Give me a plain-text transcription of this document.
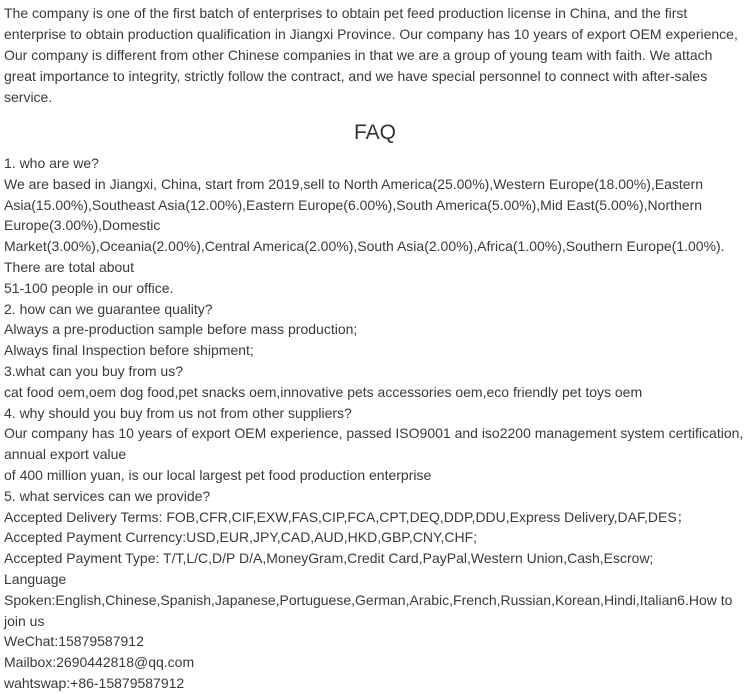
The company is one of the first batch of enterprises to obtain pet feed production license in China, and the first enterprise to obtain production qualification in Jiangxi Province. Our company has 10 years of export OEM experience, Our company is different from other Chinese companies in that we are a group of young team with faith. We attach great importance to integrity, strictly follow the contract, and we have special personnel to connect with after-sales service.

FAQ

1. who are we?

We are based in Jiangxi, China, start from 2019,sell to North America(25.00%),Western Europe(18.00%),Eastern Asia(15.00%),Southeast Asia(12.00%),Eastern Europe(6.00%),South America(5.00%),Mid East(5.00%),Northern Europe(3.00%),Domestic

Market(3.00%),Oceania(2.00%),Central America(2.00%),South Asia(2.00%),Africa(1.00%),Southern Europe(1.00%). There are total about

51-100 people in our office.

2. how can we guarantee quality?

Always a pre-production sample before mass production;

Always final Inspection before shipment;

3.what can you buy from us?

cat food oem,oem dog food,pet snacks oem,innovative pets accessories oem,eco friendly pet toys oem

4. why should you buy from us not from other suppliers?

Our company has 10 years of export OEM experience, passed ISO9001 and iso2200 management system certification, annual export value

of 400 million yuan, is our local largest pet food production enterprise

5. what services can we provide?

Accepted Delivery Terms: FOB,CFR,CIF,EXW,FAS,CIP,FCA,CPT,DEQ,DDP,DDU,Express Delivery,DAF,DES；

Accepted Payment Currency:USD,EUR,JPY,CAD,AUD,HKD,GBP,CNY,CHF;

Accepted Payment Type: T/T,L/C,D/P D/A,MoneyGram,Credit Card,PayPal,Western Union,Cash,Escrow;

Language Spoken:English,Chinese,Spanish,Japanese,Portuguese,German,Arabic,French,Russian,Korean,Hindi,Italian6.How to join us

WeChat:15879587912

Mailbox:2690442818@qq.com

wahtswap:+86-15879587912
